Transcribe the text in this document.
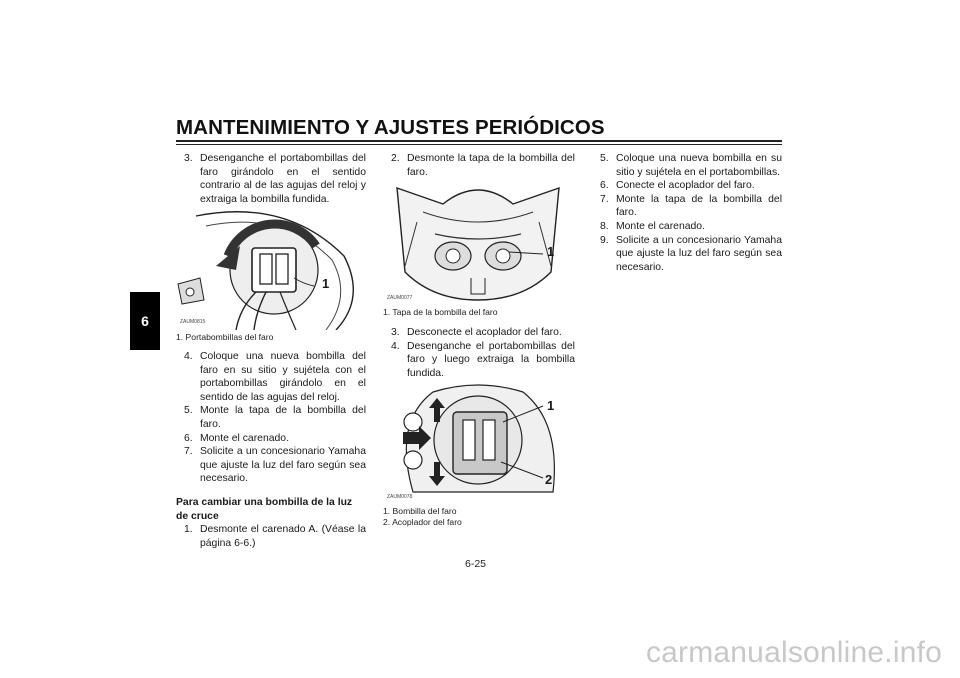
MANTENIMIENTO Y AJUSTES PERIÓDICOS
6
3. Desenganche el portabombillas del faro girándolo en el sentido contrario al de las agujas del reloj y extraiga la bombilla fundida.
1
ZAUM0815
1. Portabombillas del faro
4. Coloque una nueva bombilla del faro en su sitio y sujétela con el portabombillas girándolo en el sentido de las agujas del reloj.
5. Monte la tapa de la bombilla del faro.
6. Monte el carenado.
7. Solicite a un concesionario Yamaha que ajuste la luz del faro según sea necesario.
Para cambiar una bombilla de la luz de cruce
1. Desmonte el carenado A. (Véase la página 6-6.)
2. Desmonte la tapa de la bombilla del faro.
1
ZAUM0077
1. Tapa de la bombilla del faro
3. Desconecte el acoplador del faro.
4. Desenganche el portabombillas del faro y luego extraiga la bombilla fundida.
1
2
ZAUM0078
1. Bombilla del faro
2. Acoplador del faro
5. Coloque una nueva bombilla en su sitio y sujétela en el portabombillas.
6. Conecte el acoplador del faro.
7. Monte la tapa de la bombilla del faro.
8. Monte el carenado.
9. Solicite a un concesionario Yamaha que ajuste la luz del faro según sea necesario.
6-25
carmanualsonline.info
